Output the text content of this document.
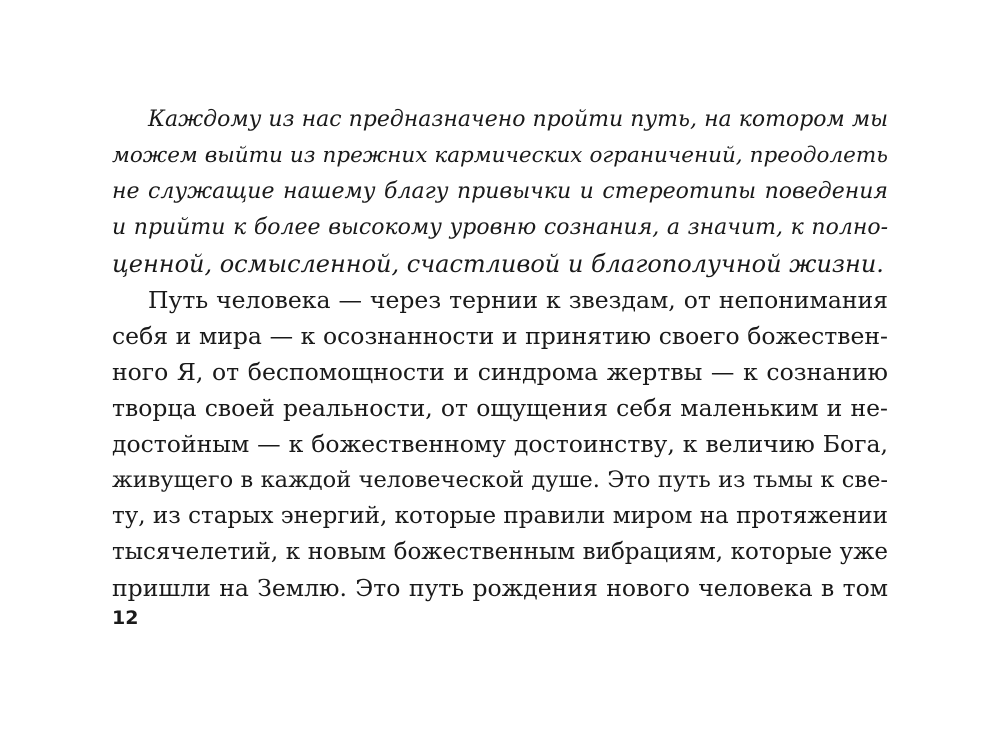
Каждому из нас предназначено пройти путь, на котором мы
можем выйти из прежних кармических ограничений, преодолеть
не служащие нашему благу привычки и стереотипы поведения
и прийти к более высокому уровню сознания, а значит, к полно-
ценной, осмысленной, счастливой и благополучной жизни.
Путь человека — через тернии к звездам, от непонимания
себя и мира — к осознанности и принятию своего божествен-
ного Я, от беспомощности и синдрома жертвы — к сознанию
творца своей реальности, от ощущения себя маленьким и не-
достойным — к божественному достоинству, к величию Бога,
живущего в каждой человеческой душе. Это путь из тьмы к све-
ту, из старых энергий, которые правили миром на протяжении
тысячелетий, к новым божественным вибрациям, которые уже
пришли на Землю. Это путь рождения нового человека в том
12
